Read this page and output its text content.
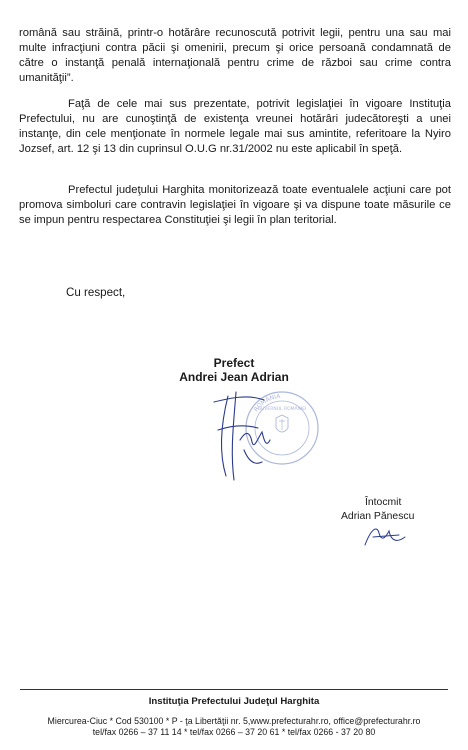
română sau străină, printr-o hotărâre recunoscută potrivit legii, pentru una sau mai multe infracţiuni contra păcii şi omenirii, precum şi orice persoană condamnată de către o instanţă penală internaţională pentru crime de război sau crime contra umanităţii”.

Faţă de cele mai sus prezentate, potrivit legislaţiei în vigoare Instituţia Prefectului, nu are cunoştinţă de existenţa vreunei hotărâri judecătoreşti a unei instanţe, din cele menţionate în normele legale mai sus amintite, referitoare la Nyiro Jozsef, art. 12 şi 13 din cuprinsul O.U.G nr.31/2002 nu este aplicabil în speţă.

Prefectul judeţului Harghita monitorizează toate eventualele acţiuni care pot promova simboluri care contravin legislaţiei în vigoare şi va dispune toate măsurile ce se impun pentru respectarea Constituţiei şi legii în plan teritorial.

Cu respect,
Prefect
Andrei Jean Adrian
ROMÂNIA
GUVERNUL ROMÂNIEI
Întocmit
Adrian Pănescu
Instituţia Prefectului Judeţul Harghita
Miercurea-Ciuc * Cod 530100 * P - ţa Libertăţii nr. 5,www.prefecturahr.ro, office@prefecturahr.ro
tel/fax 0266 – 37 11 14 * tel/fax 0266 – 37 20 61 * tel/fax 0266 - 37 20 80
